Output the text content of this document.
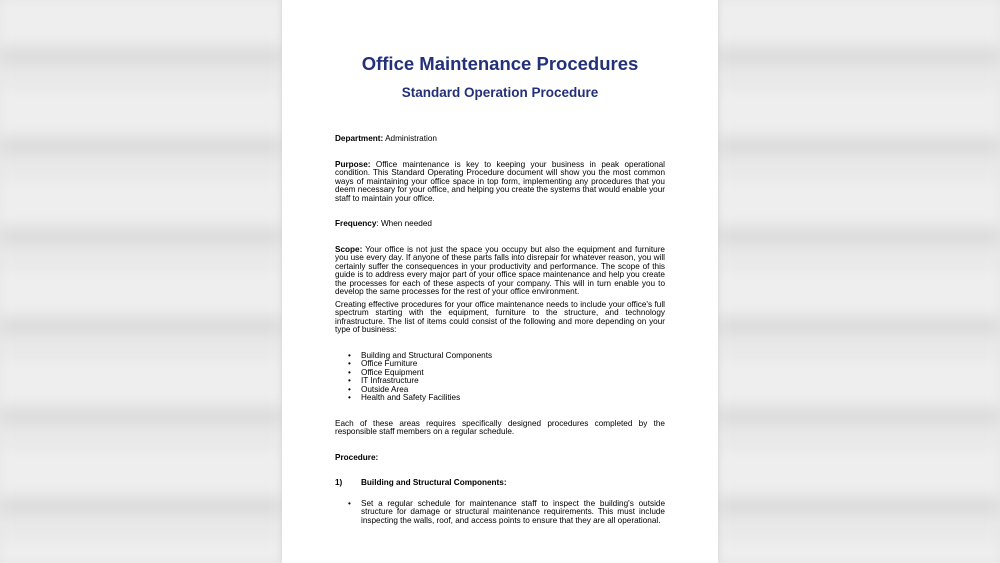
Office Maintenance Procedures
Standard Operation Procedure

Department: Administration

Purpose: Office maintenance is key to keeping your business in peak operational condition. This Standard Operating Procedure document will show you the most common ways of maintaining your office space in top form, implementing any procedures that you deem necessary for your office, and helping you create the systems that would enable your staff to maintain your office.

Frequency: When needed

Scope: Your office is not just the space you occupy but also the equipment and furniture you use every day. If anyone of these parts falls into disrepair for whatever reason, you will certainly suffer the consequences in your productivity and performance. The scope of this guide is to address every major part of your office space maintenance and help you create the processes for each of these aspects of your company. This will in turn enable you to develop the same processes for the rest of your office environment.

Creating effective procedures for your office maintenance needs to include your office's full spectrum starting with the equipment, furniture to the structure, and technology infrastructure. The list of items could consist of the following and more depending on your type of business:

• Building and Structural Components
• Office Furniture
• Office Equipment
• IT Infrastructure
• Outside Area
• Health and Safety Facilities

Each of these areas requires specifically designed procedures completed by the responsible staff members on a regular schedule.

Procedure:

1) Building and Structural Components:

• Set a regular schedule for maintenance staff to inspect the building's outside structure for damage or structural maintenance requirements. This must include inspecting the walls, roof, and access points to ensure that they are all operational.
